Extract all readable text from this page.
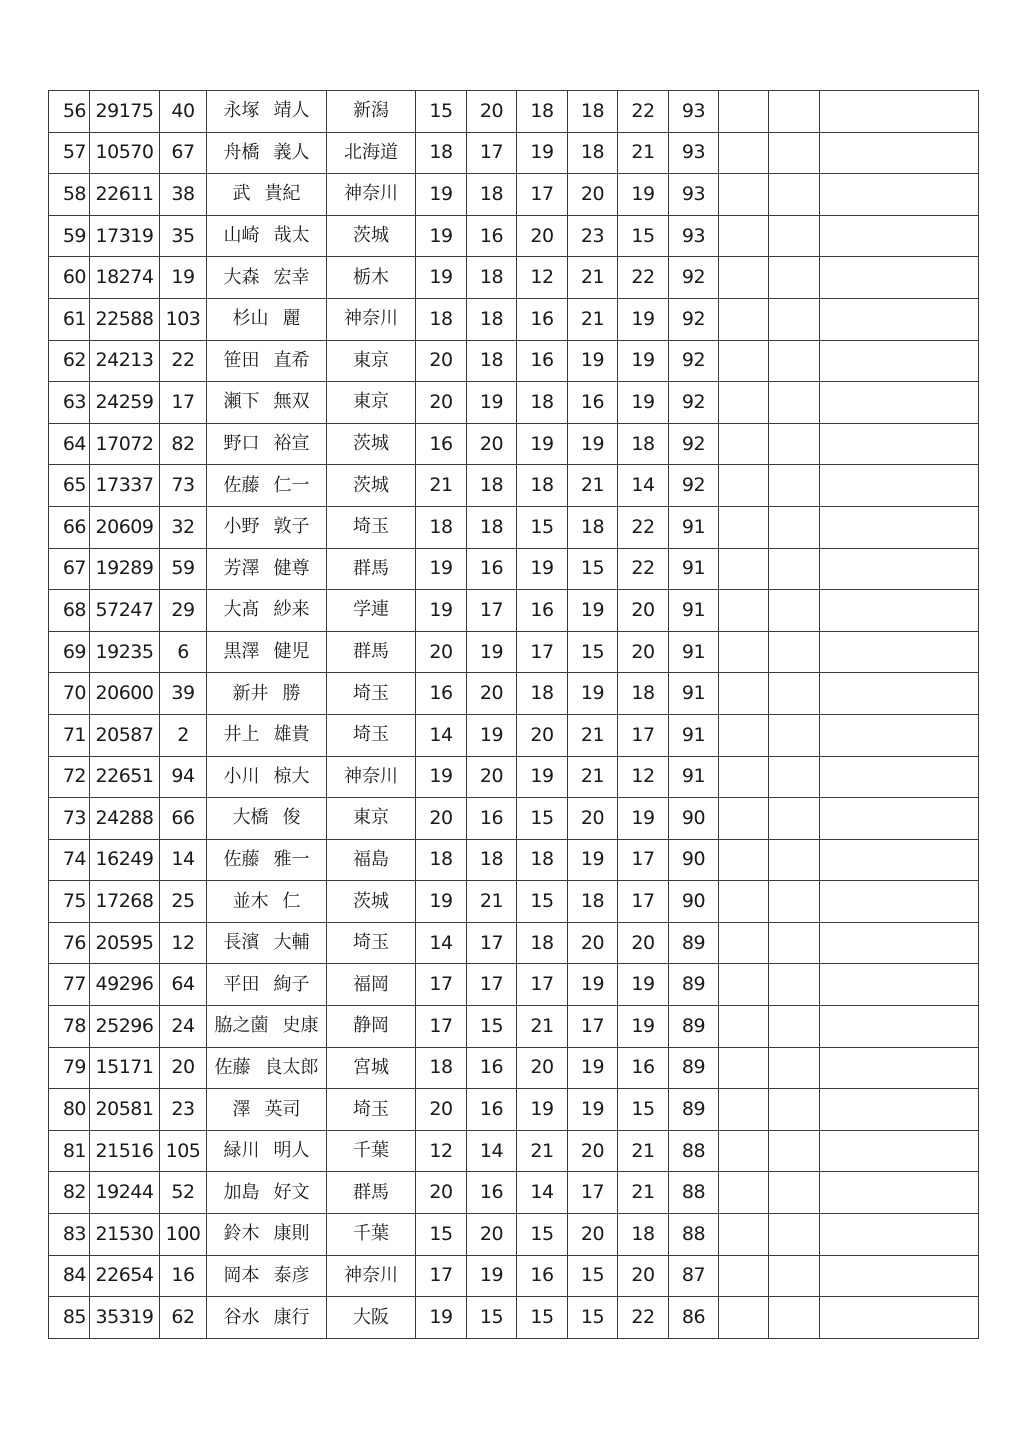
56	29175	40	永塚 靖人	新潟	15	20	18	18	22	93			
57	10570	67	舟橋 義人	北海道	18	17	19	18	21	93			
58	22611	38	武 貴紀	神奈川	19	18	17	20	19	93			
59	17319	35	山崎 哉太	茨城	19	16	20	23	15	93			
60	18274	19	大森 宏幸	栃木	19	18	12	21	22	92			
61	22588	103	杉山 麗	神奈川	18	18	16	21	19	92			
62	24213	22	笹田 直希	東京	20	18	16	19	19	92			
63	24259	17	瀬下 無双	東京	20	19	18	16	19	92			
64	17072	82	野口 裕宣	茨城	16	20	19	19	18	92			
65	17337	73	佐藤 仁一	茨城	21	18	18	21	14	92			
66	20609	32	小野 敦子	埼玉	18	18	15	18	22	91			
67	19289	59	芳澤 健尊	群馬	19	16	19	15	22	91			
68	57247	29	大髙 紗来	学連	19	17	16	19	20	91			
69	19235	6	黒澤 健児	群馬	20	19	17	15	20	91			
70	20600	39	新井 勝	埼玉	16	20	18	19	18	91			
71	20587	2	井上 雄貴	埼玉	14	19	20	21	17	91			
72	22651	94	小川 椋大	神奈川	19	20	19	21	12	91			
73	24288	66	大橋 俊	東京	20	16	15	20	19	90			
74	16249	14	佐藤 雅一	福島	18	18	18	19	17	90			
75	17268	25	並木 仁	茨城	19	21	15	18	17	90			
76	20595	12	長濱 大輔	埼玉	14	17	18	20	20	89			
77	49296	64	平田 絢子	福岡	17	17	17	19	19	89			
78	25296	24	脇之薗 史康	静岡	17	15	21	17	19	89			
79	15171	20	佐藤 良太郎	宮城	18	16	20	19	16	89			
80	20581	23	澤 英司	埼玉	20	16	19	19	15	89			
81	21516	105	緑川 明人	千葉	12	14	21	20	21	88			
82	19244	52	加島 好文	群馬	20	16	14	17	21	88			
83	21530	100	鈴木 康則	千葉	15	20	15	20	18	88			
84	22654	16	岡本 泰彦	神奈川	17	19	16	15	20	87			
85	35319	62	谷水 康行	大阪	19	15	15	15	22	86			
